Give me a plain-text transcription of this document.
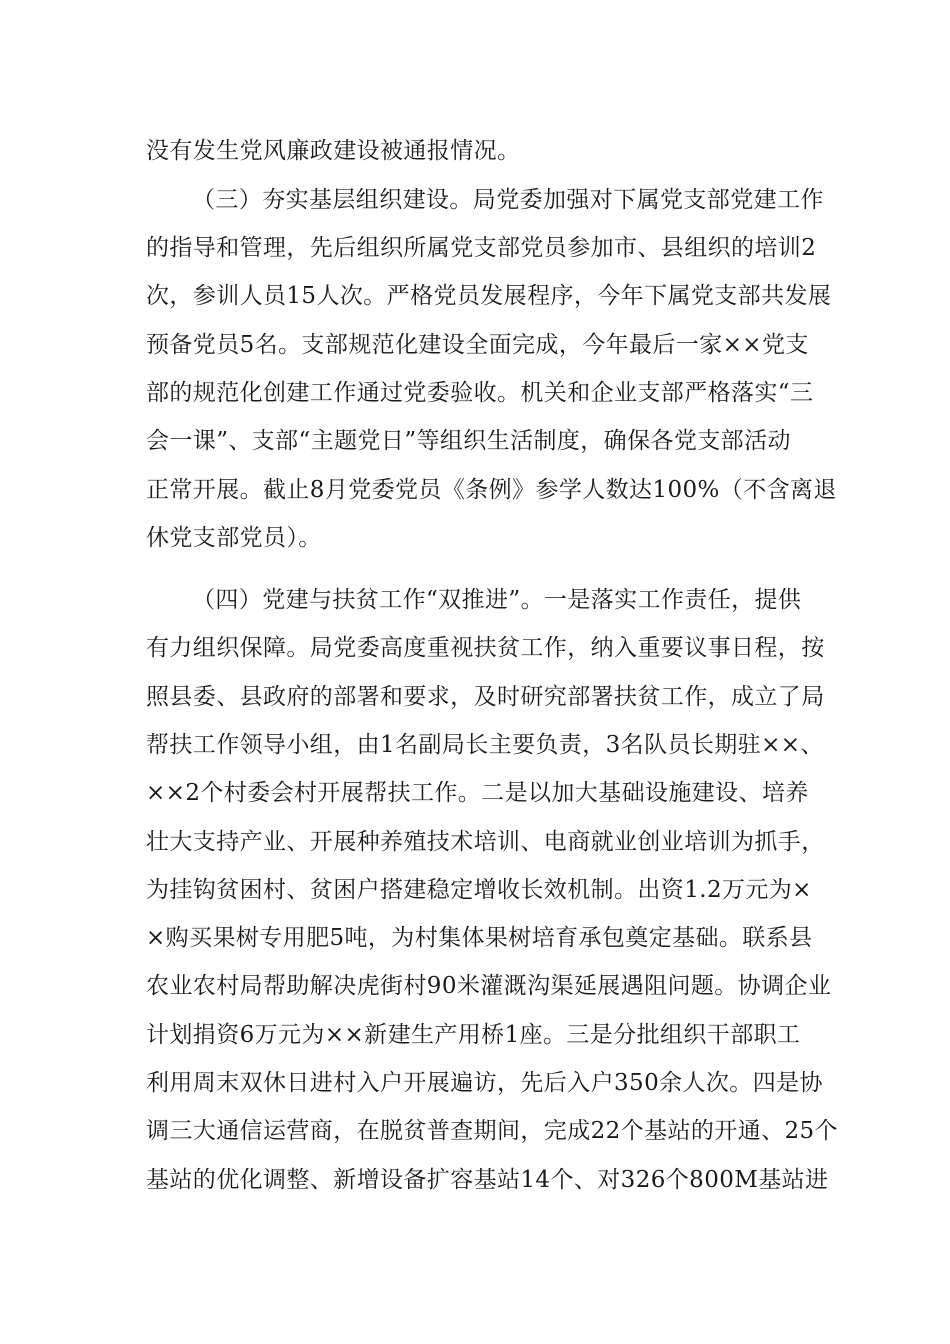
没有发生党风廉政建设被通报情况。
（三）夯实基层组织建设。局党委加强对下属党支部党建工作
的指导和管理，先后组织所属党支部党员参加市、县组织的培训2
次，参训人员15人次。严格党员发展程序，今年下属党支部共发展
预备党员5名。支部规范化建设全面完成，今年最后一家××党支
部的规范化创建工作通过党委验收。机关和企业支部严格落实“三
会一课”、支部“主题党日”等组织生活制度，确保各党支部活动
正常开展。截止8月党委党员《条例》参学人数达100%（不含离退
休党支部党员）。
（四）党建与扶贫工作“双推进”。一是落实工作责任，提供
有力组织保障。局党委高度重视扶贫工作，纳入重要议事日程，按
照县委、县政府的部署和要求，及时研究部署扶贫工作，成立了局
帮扶工作领导小组，由1名副局长主要负责，3名队员长期驻××、
××2个村委会村开展帮扶工作。二是以加大基础设施建设、培养
壮大支持产业、开展种养殖技术培训、电商就业创业培训为抓手，
为挂钩贫困村、贫困户搭建稳定增收长效机制。出资1.2万元为×
×购买果树专用肥5吨，为村集体果树培育承包奠定基础。联系县
农业农村局帮助解决虎街村90米灌溉沟渠延展遇阻问题。协调企业
计划捐资6万元为××新建生产用桥1座。三是分批组织干部职工
利用周末双休日进村入户开展遍访，先后入户350余人次。四是协
调三大通信运营商，在脱贫普查期间，完成22个基站的开通、25个
基站的优化调整、新增设备扩容基站14个、对326个800M基站进
